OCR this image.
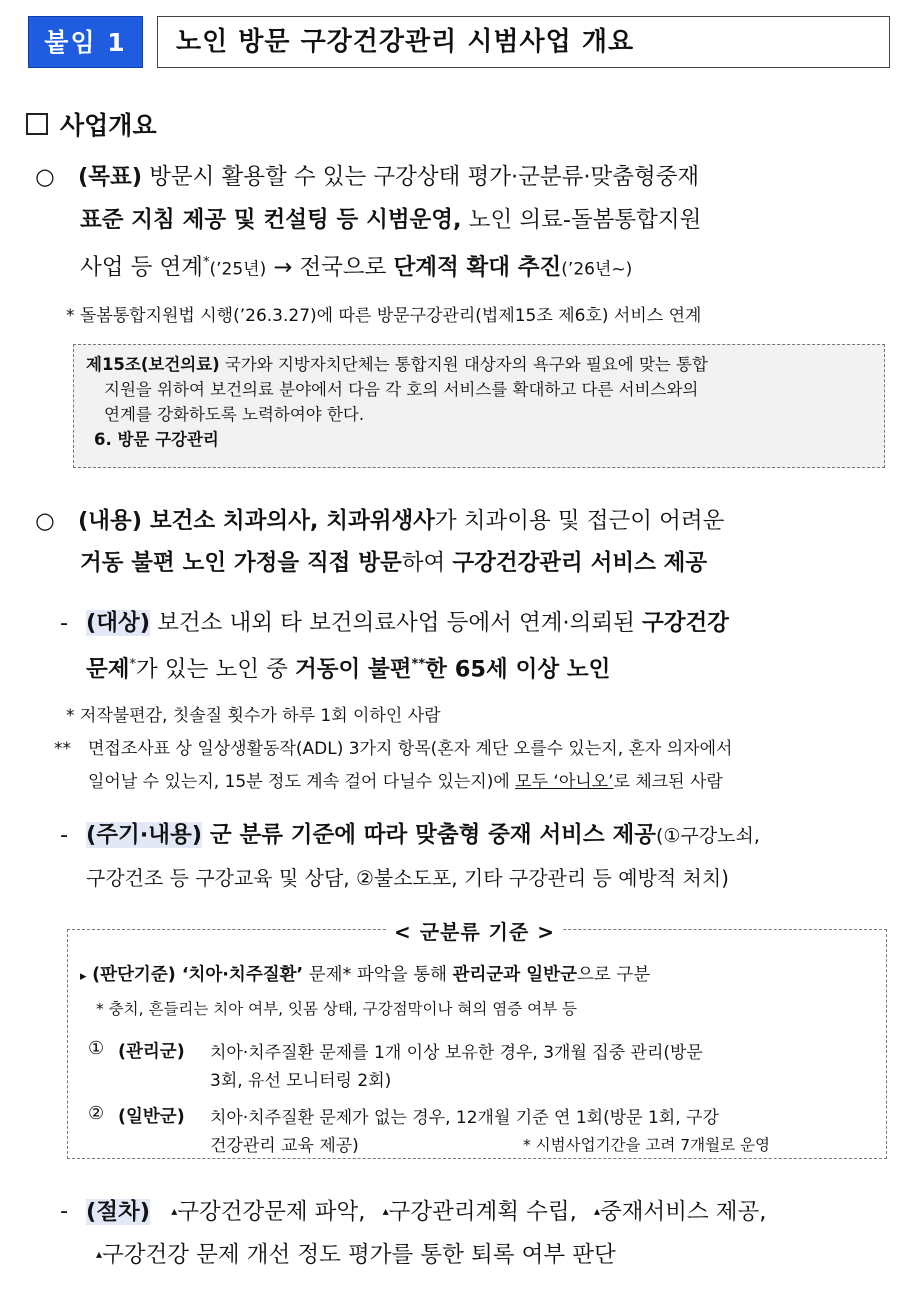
붙임 1	노인 방문 구강건강관리 시범사업 개요
사업개요
○ (목표) 방문시 활용할 수 있는 구강상태 평가·군분류·맞춤형중재
표준 지침 제공 및 컨설팅 등 시범운영, 노인 의료-돌봄통합지원
사업 등 연계*(’25년) → 전국으로 단계적 확대 추진(’26년~)
* 돌봄통합지원법 시행(’26.3.27)에 따른 방문구강관리(법제15조 제6호) 서비스 연계
제15조(보건의료) 국가와 지방자치단체는 통합지원 대상자의 욕구와 필요에 맞는 통합
지원을 위하여 보건의료 분야에서 다음 각 호의 서비스를 확대하고 다른 서비스와의
연계를 강화하도록 노력하여야 한다.
6. 방문 구강관리
○ (내용) 보건소 치과의사, 치과위생사가 치과이용 및 접근이 어려운
거동 불편 노인 가정을 직접 방문하여 구강건강관리 서비스 제공
- (대상) 보건소 내외 타 보건의료사업 등에서 연계·의뢰된 구강건강
문제*가 있는 노인 중 거동이 불편**한 65세 이상 노인
* 저작불편감, 칫솔질 횟수가 하루 1회 이하인 사람
** 면접조사표 상 일상생활동작(ADL) 3가지 항목(혼자 계단 오를수 있는지, 혼자 의자에서
일어날 수 있는지, 15분 정도 계속 걸어 다닐수 있는지)에 모두 ‘아니오’로 체크된 사람
- (주기·내용) 군 분류 기준에 따라 맞춤형 중재 서비스 제공(①구강노쇠,
구강건조 등 구강교육 및 상담, ②불소도포, 기타 구강관리 등 예방적 처치)
< 군분류 기준 >
▸ (판단기준) ‘치아·치주질환’ 문제* 파악을 통해 관리군과 일반군으로 구분
* 충치, 흔들리는 치아 여부, 잇몸 상태, 구강점막이나 혀의 염증 여부 등
① (관리군) 치아·치주질환 문제를 1개 이상 보유한 경우, 3개월 집중 관리(방문
3회, 유선 모니터링 2회)
② (일반군) 치아·치주질환 문제가 없는 경우, 12개월 기준 연 1회(방문 1회, 구강
건강관리 교육 제공)	* 시범사업기간을 고려 7개월로 운영
- (절차) ▴구강건강문제 파악, ▴구강관리계획 수립, ▴중재서비스 제공,
▴구강건강 문제 개선 정도 평가를 통한 퇴록 여부 판단
